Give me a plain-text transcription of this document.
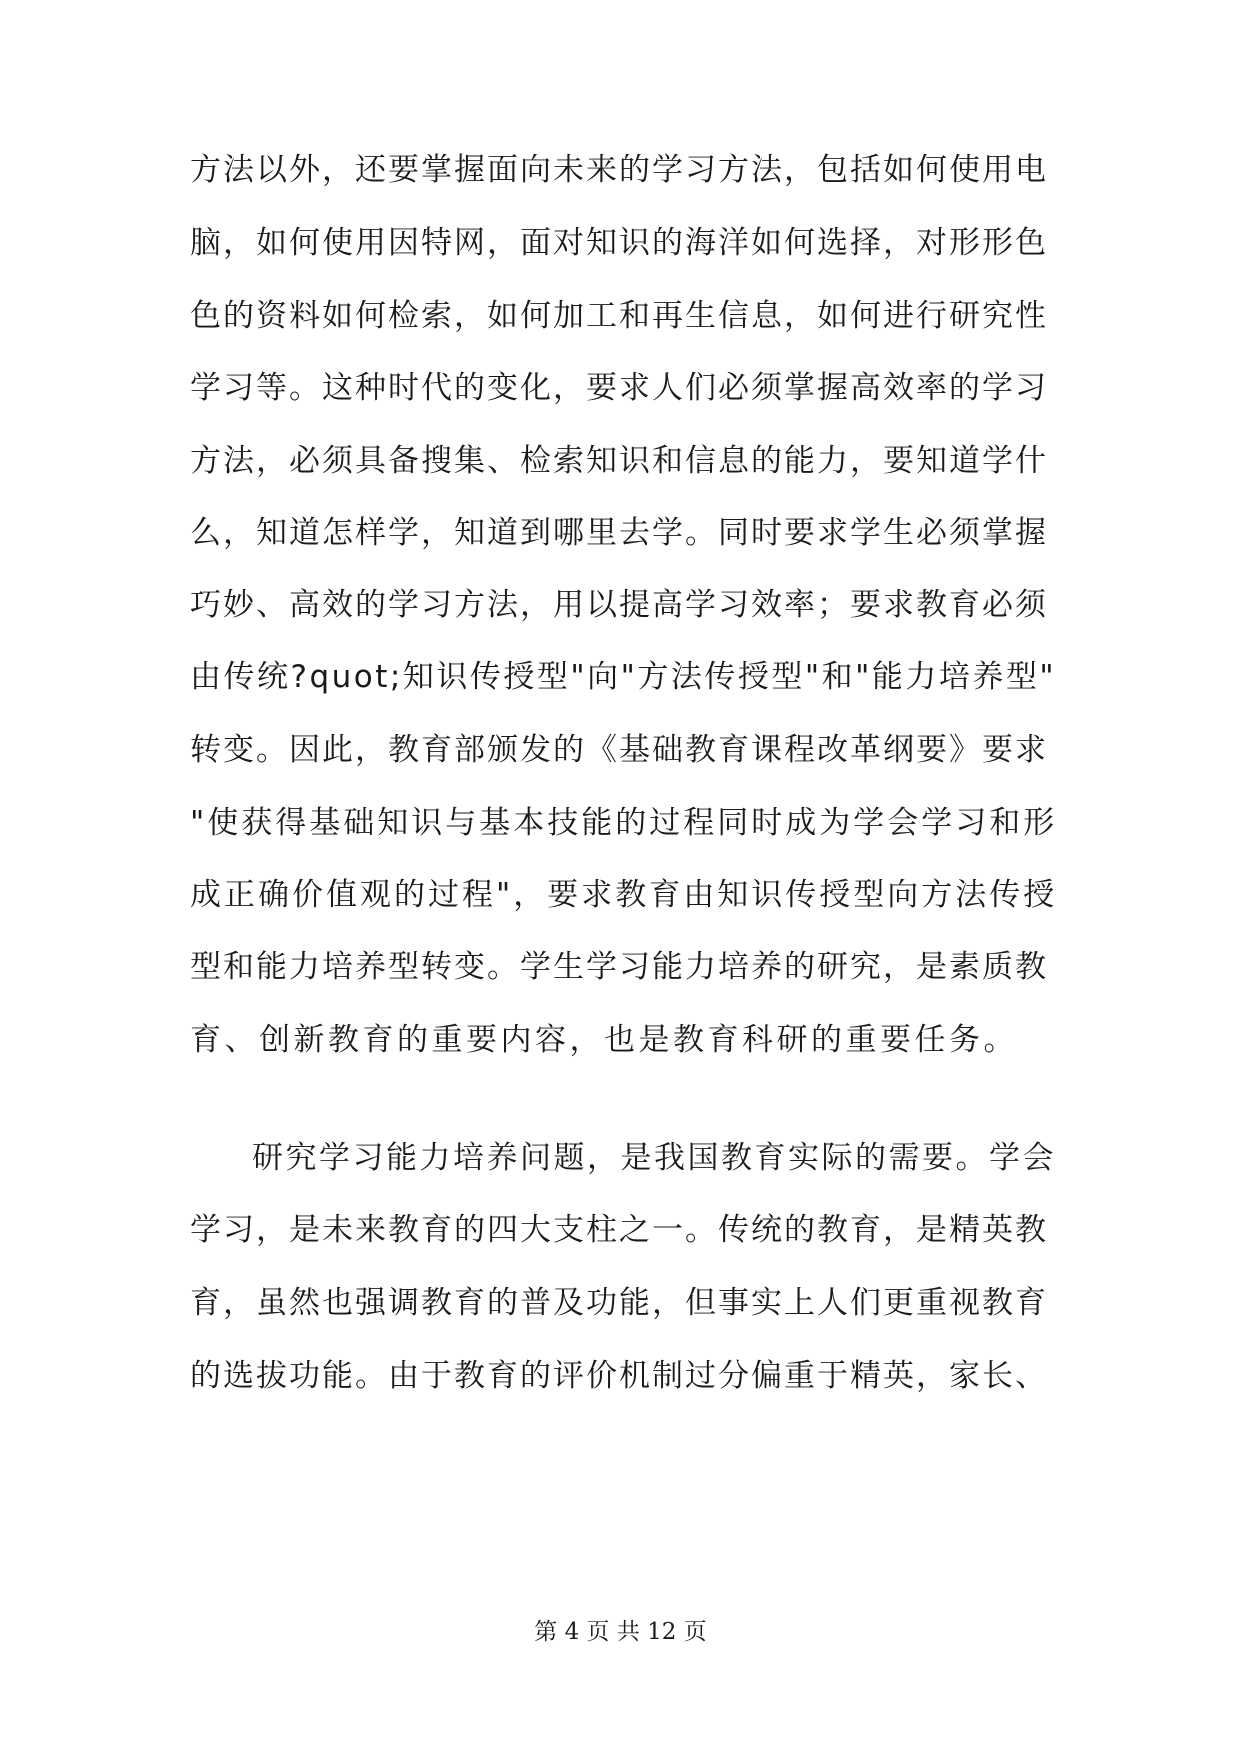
方法以外，还要掌握面向未来的学习方法，包括如何使用电
脑，如何使用因特网，面对知识的海洋如何选择，对形形色
色的资料如何检索，如何加工和再生信息，如何进行研究性
学习等。这种时代的变化，要求人们必须掌握高效率的学习
方法，必须具备搜集、检索知识和信息的能力，要知道学什
么，知道怎样学，知道到哪里去学。同时要求学生必须掌握
巧妙、高效的学习方法，用以提高学习效率；要求教育必须
由传统?quot;知识传授型"向"方法传授型"和"能力培养型"
转变。因此，教育部颁发的《基础教育课程改革纲要》要求
"使获得基础知识与基本技能的过程同时成为学会学习和形
成正确价值观的过程"，要求教育由知识传授型向方法传授
型和能力培养型转变。学生学习能力培养的研究，是素质教
育、创新教育的重要内容，也是教育科研的重要任务。
研究学习能力培养问题，是我国教育实际的需要。学会
学习，是未来教育的四大支柱之一。传统的教育，是精英教
育，虽然也强调教育的普及功能，但事实上人们更重视教育
的选拔功能。由于教育的评价机制过分偏重于精英，家长、
第 4 页 共 12 页
